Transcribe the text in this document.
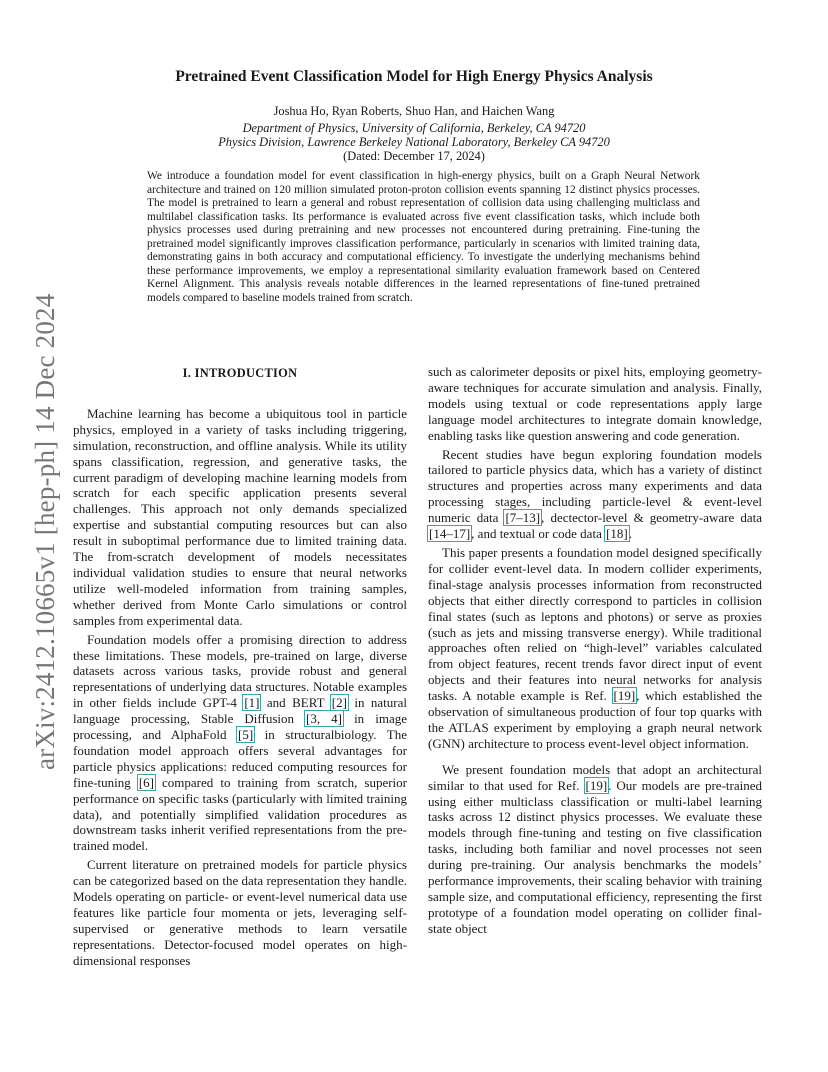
arXiv:2412.10665v1 [hep-ph] 14 Dec 2024
Pretrained Event Classification Model for High Energy Physics Analysis
Joshua Ho, Ryan Roberts, Shuo Han, and Haichen Wang
Department of Physics, University of California, Berkeley, CA 94720
Physics Division, Lawrence Berkeley National Laboratory, Berkeley CA 94720
(Dated: December 17, 2024)

We introduce a foundation model for event classification in high-energy physics, built on a Graph Neural Network architecture and trained on 120 million simulated proton-proton collision events spanning 12 distinct physics processes. The model is pretrained to learn a general and robust representation of collision data using challenging multiclass and multilabel classification tasks. Its performance is evaluated across five event classification tasks, which include both physics processes used during pretraining and new processes not encountered during pretraining. Fine-tuning the pretrained model significantly improves classification performance, particularly in scenarios with limited training data, demonstrating gains in both accuracy and computational efficiency. To investigate the underlying mechanisms behind these performance improvements, we employ a representational similarity evaluation framework based on Centered Kernel Alignment. This analysis reveals notable differences in the learned representations of fine-tuned pretrained models compared to baseline models trained from scratch.

I. INTRODUCTION

Machine learning has become a ubiquitous tool in particle physics, employed in a variety of tasks including triggering, simulation, reconstruction, and offline analysis. While its utility spans classification, regression, and generative tasks, the current paradigm of developing machine learning models from scratch for each specific application presents several challenges. This approach not only demands specialized expertise and substantial computing resources but can also result in suboptimal performance due to limited training data. The from-scratch development of models necessitates individual validation studies to ensure that neural networks utilize well-modeled information from training samples, whether derived from Monte Carlo simulations or control samples from experimental data.

Foundation models offer a promising direction to address these limitations. These models, pre-trained on large, diverse datasets across various tasks, provide robust and general representations of underlying data structures. Notable examples in other fields include GPT-4 [1] and BERT [2] in natural language processing, Stable Diffusion [3, 4] in image processing, and AlphaFold [5] in structuralbiology. The foundation model approach offers several advantages for particle physics applications: reduced computing resources for fine-tuning [6] compared to training from scratch, superior performance on specific tasks (particularly with limited training data), and potentially simplified validation procedures as downstream tasks inherit verified representations from the pre-trained model.

Current literature on pretrained models for particle physics can be categorized based on the data representation they handle. Models operating on particle- or event-level numerical data use features like particle four momenta or jets, leveraging self-supervised or generative methods to learn versatile representations. Detector-focused model operates on high-dimensional responses

such as calorimeter deposits or pixel hits, employing geometry-aware techniques for accurate simulation and analysis. Finally, models using textual or code representations apply large language model architectures to integrate domain knowledge, enabling tasks like question answering and code generation.

Recent studies have begun exploring foundation models tailored to particle physics data, which has a variety of distinct structures and properties across many experiments and data processing stages, including particle-level & event-level numeric data [7–13], dectector-level & geometry-aware data [14–17], and textual or code data [18].

This paper presents a foundation model designed specifically for collider event-level data. In modern collider experiments, final-stage analysis processes information from reconstructed objects that either directly correspond to particles in collision final states (such as leptons and photons) or serve as proxies (such as jets and missing transverse energy). While traditional approaches often relied on “high-level” variables calculated from object features, recent trends favor direct input of event objects and their features into neural networks for analysis tasks. A notable example is Ref. [19], which established the observation of simultaneous production of four top quarks with the ATLAS experiment by employing a graph neural network (GNN) architecture to process event-level object information.

We present foundation models that adopt an architectural similar to that used for Ref. [19]. Our models are pre-trained using either multiclass classification or multi-label learning tasks across 12 distinct physics processes. We evaluate these models through fine-tuning and testing on five classification tasks, including both familiar and novel processes not seen during pre-training. Our analysis benchmarks the models’ performance improvements, their scaling behavior with training sample size, and computational efficiency, representing the first prototype of a foundation model operating on collider final-state object
